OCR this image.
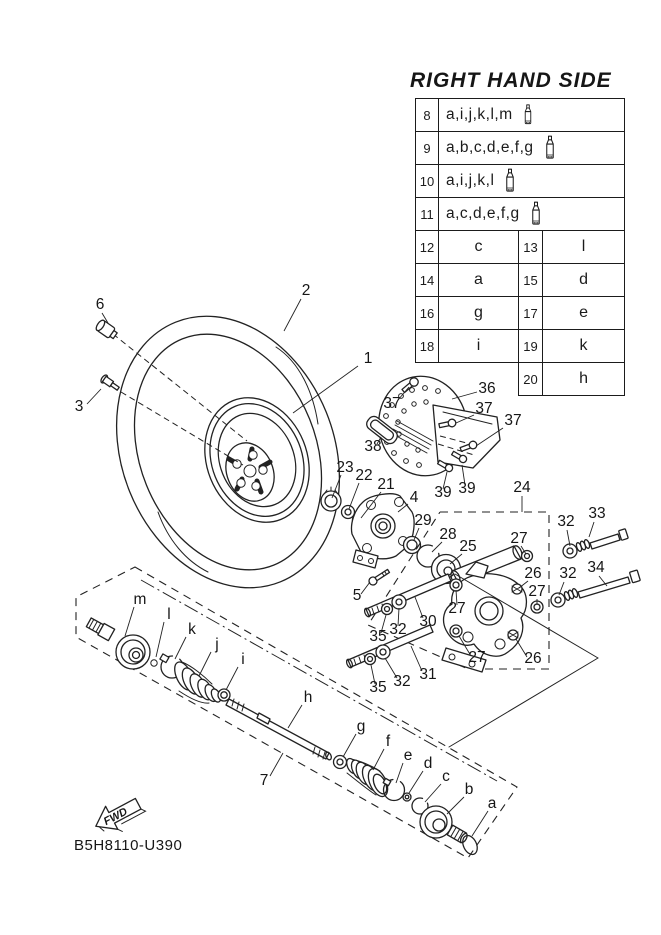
FWD
1
2
3
6
7
21
22
23
24
25
26
26
27
27
27
27
28
29
30
31
32
32
32
32
33
34
35
35
36
37	37
37
38
39 39
4
5
a
b
c
d
e
f
g
h
i
j
k
l
m
RIGHT HAND SIDE
8	a,i,j,k,l,m		

9	a,b,c,d,e,f,g		

10	a,i,j,k,l		

11	a,c,d,e,f,g		

12	c	13	l
14	a	15	d
16	g	17	e
18	i	19	k
		20	h
B5H8110-U390
